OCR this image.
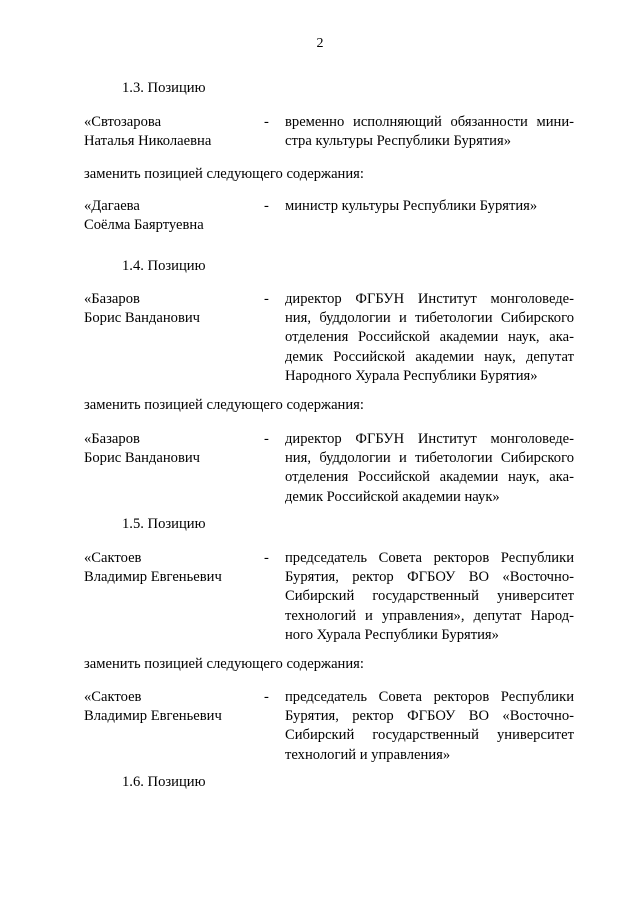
2
1.3. Позицию
«Свтозарова
Наталья Николаевна
- временно исполняющий обязанности мини-
стра культуры Республики Бурятия»
заменить позицией следующего содержания:
«Дагаева
Соёлма Баяртуевна
- министр культуры Республики Бурятия»
1.4. Позицию
«Базаров
Борис Ванданович
- директор ФГБУН Институт монголоведе-
ния, буддологии и тибетологии Сибирского
отделения Российской академии наук, ака-
демик Российской академии наук, депутат
Народного Хурала Республики Бурятия»
заменить позицией следующего содержания:
«Базаров
Борис Ванданович
- директор ФГБУН Институт монголоведе-
ния, буддологии и тибетологии Сибирского
отделения Российской академии наук, ака-
демик Российской академии наук»
1.5. Позицию
«Сактоев
Владимир Евгеньевич
- председатель Совета ректоров Республики
Бурятия, ректор ФГБОУ ВО «Восточно-
Сибирский государственный университет
технологий и управления», депутат Народ-
ного Хурала Республики Бурятия»
заменить позицией следующего содержания:
«Сактоев
Владимир Евгеньевич
- председатель Совета ректоров Республики
Бурятия, ректор ФГБОУ ВО «Восточно-
Сибирский государственный университет
технологий и управления»
1.6. Позицию
